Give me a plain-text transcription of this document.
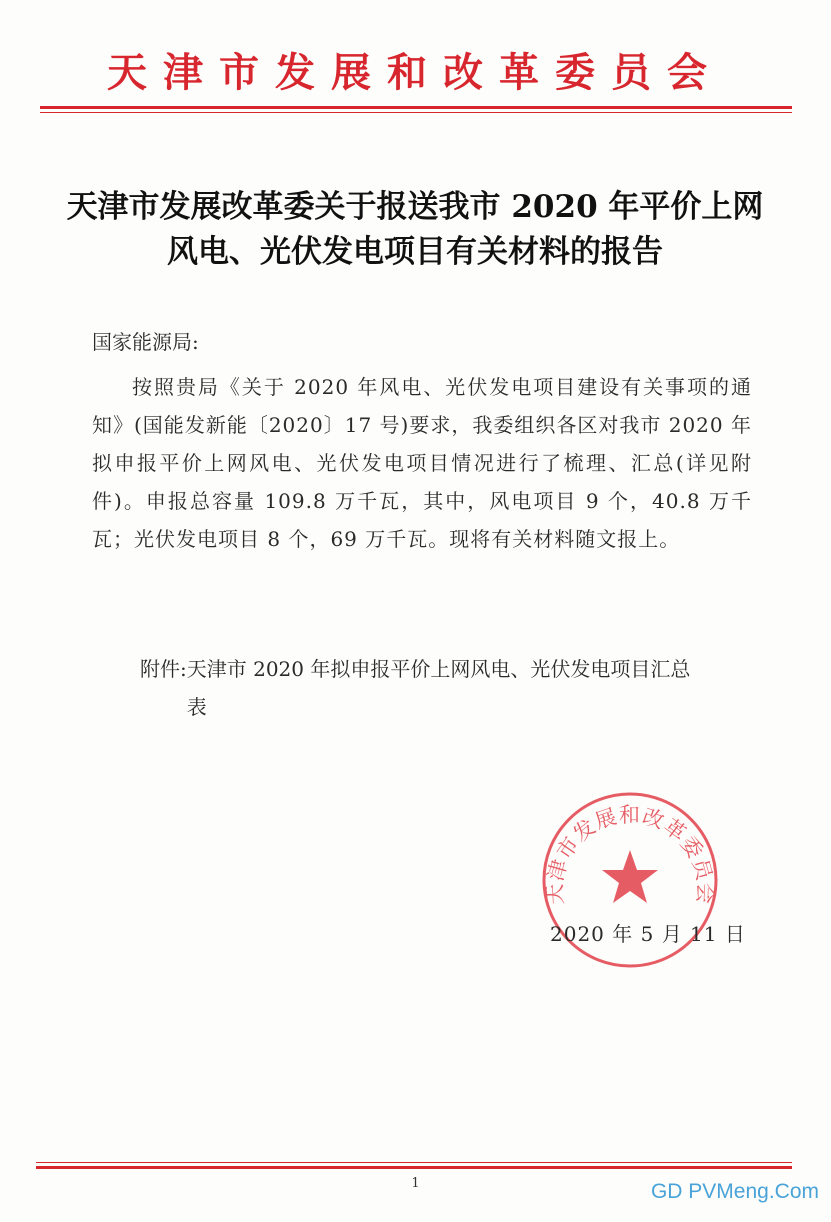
天津市发展和改革委员会
天津市发展改革委关于报送我市 2020 年平价上网风电、光伏发电项目有关材料的报告
国家能源局:
按照贵局《关于 2020 年风电、光伏发电项目建设有关事项的通知》(国能发新能〔2020〕17 号)要求，我委组织各区对我市 2020 年拟申报平价上网风电、光伏发电项目情况进行了梳理、汇总(详见附件)。申报总容量 109.8 万千瓦，其中，风电项目 9 个，40.8 万千瓦；光伏发电项目 8 个，69 万千瓦。现将有关材料随文报上。
附件: 天津市 2020 年拟申报平价上网风电、光伏发电项目汇总表
天津市发展和改革委员会
2020 年 5 月 11 日
1	GD PVMeng.Com
